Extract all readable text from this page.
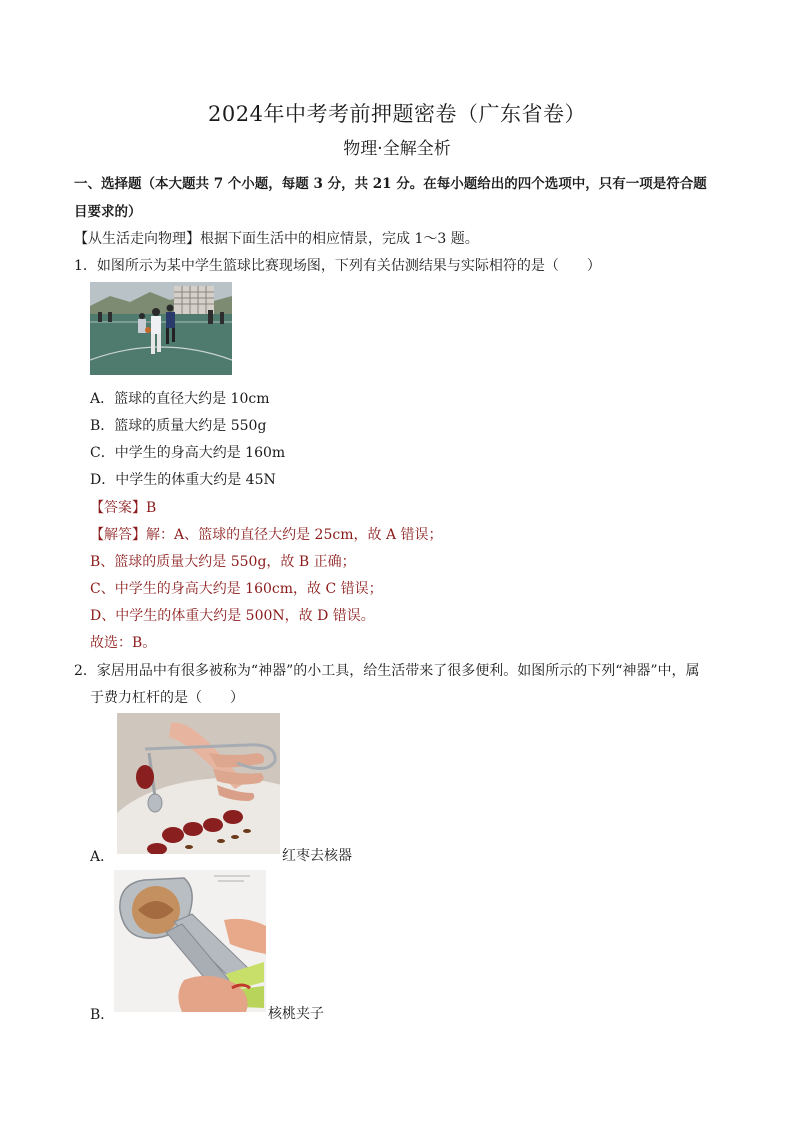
2024年中考考前押题密卷（广东省卷）
物理·全解全析
一、选择题（本大题共 7 个小题，每题 3 分，共 21 分。在每小题给出的四个选项中，只有一项是符合题
目要求的）
【从生活走向物理】根据下面生活中的相应情景，完成 1～3 题。
1．如图所示为某中学生篮球比赛现场图，下列有关估测结果与实际相符的是（　　）
A．篮球的直径大约是 10cm
B．篮球的质量大约是 550g
C．中学生的身高大约是 160m
D．中学生的体重大约是 45N
【答案】B
【解答】解：A、篮球的直径大约是 25cm，故 A 错误；
B、篮球的质量大约是 550g，故 B 正确；
C、中学生的身高大约是 160cm，故 C 错误；
D、中学生的体重大约是 500N，故 D 错误。
故选：B。
2．家居用品中有很多被称为“神器”的小工具，给生活带来了很多便利。如图所示的下列“神器”中，属
于费力杠杆的是（　　）
A．	红枣去核器
B．	核桃夹子
